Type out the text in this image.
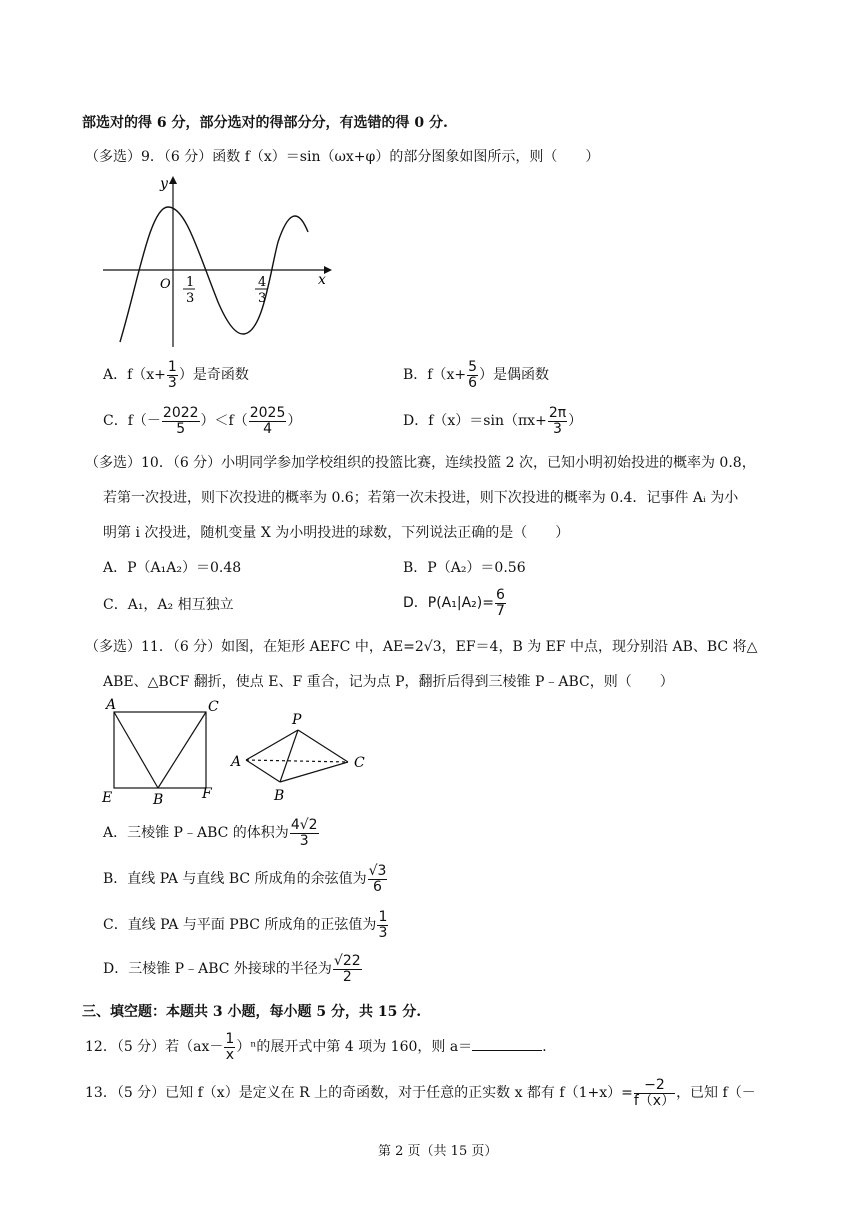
部选对的得 6 分，部分选对的得部分分，有选错的得 0 分.
（多选）9．（6 分）函数 f（x）＝sin（ωx+φ）的部分图象如图所示，则（　　）
y
x
O 1
3
4
3
A．$f(x+ \frac{1}{3}$ ）是奇函数	B．$f(x+ \frac{5}{6}$ ）是偶函数
C．$f(- \frac{2022}{5} )<f( \frac{2025}{4}$ ）	D．$f(x)=\sin(\pi x+ \frac{2\pi}{3}$ ）
（多选）10．（6 分）小明同学参加学校组织的投篮比赛，连续投篮 2 次，已知小明初始投进的概率为 0.8，
若第一次投进，则下次投进的概率为 0.6；若第一次未投进，则下次投进的概率为 0.4．记事件 Aᵢ 为小
明第 i 次投进，随机变量 X 为小明投进的球数，下列说法正确的是（　　）
A．P（A₁A₂）＝0.48	B．P（A₂）＝0.56
C．A₁，A₂ 相互独立	D．$P(A_1|A_2)= \frac{6}{7}$
（多选）11．（6 分）如图，在矩形 AEFC 中，AE=2√3，EF＝4，B 为 EF 中点，现分别沿 AB、BC 将△
ABE、△BCF 翻折，使点 E、F 重合，记为点 P，翻折后得到三棱锥 P﹣ABC，则（　　）
A	C
E	B	F
P
A	C
B
A．三棱锥 P﹣ABC 的体积为 $\frac{4√2}{3}$
B．直线 PA 与直线 BC 所成角的余弦值为 $\frac{√3}{6}$
C．直线 PA 与平面 PBC 所成角的正弦值为 $\frac{1}{3}$
D．三棱锥 P﹣ABC 外接球的半径为 $\frac{√22}{2}$
三、填空题：本题共 3 小题，每小题 5 分，共 15 分.
12．（5 分）若$(ax- \frac{1}{x} )^n$的展开式中第 4 项为 160，则 a＝	．
13．（5 分）已知 f（x）是定义在 R 上的奇函数，对于任意的正实数 x 都有 $f(1+x)= \frac{-2}{f(x)}$ ，已知 f（－
第 2 页（共 15 页）
